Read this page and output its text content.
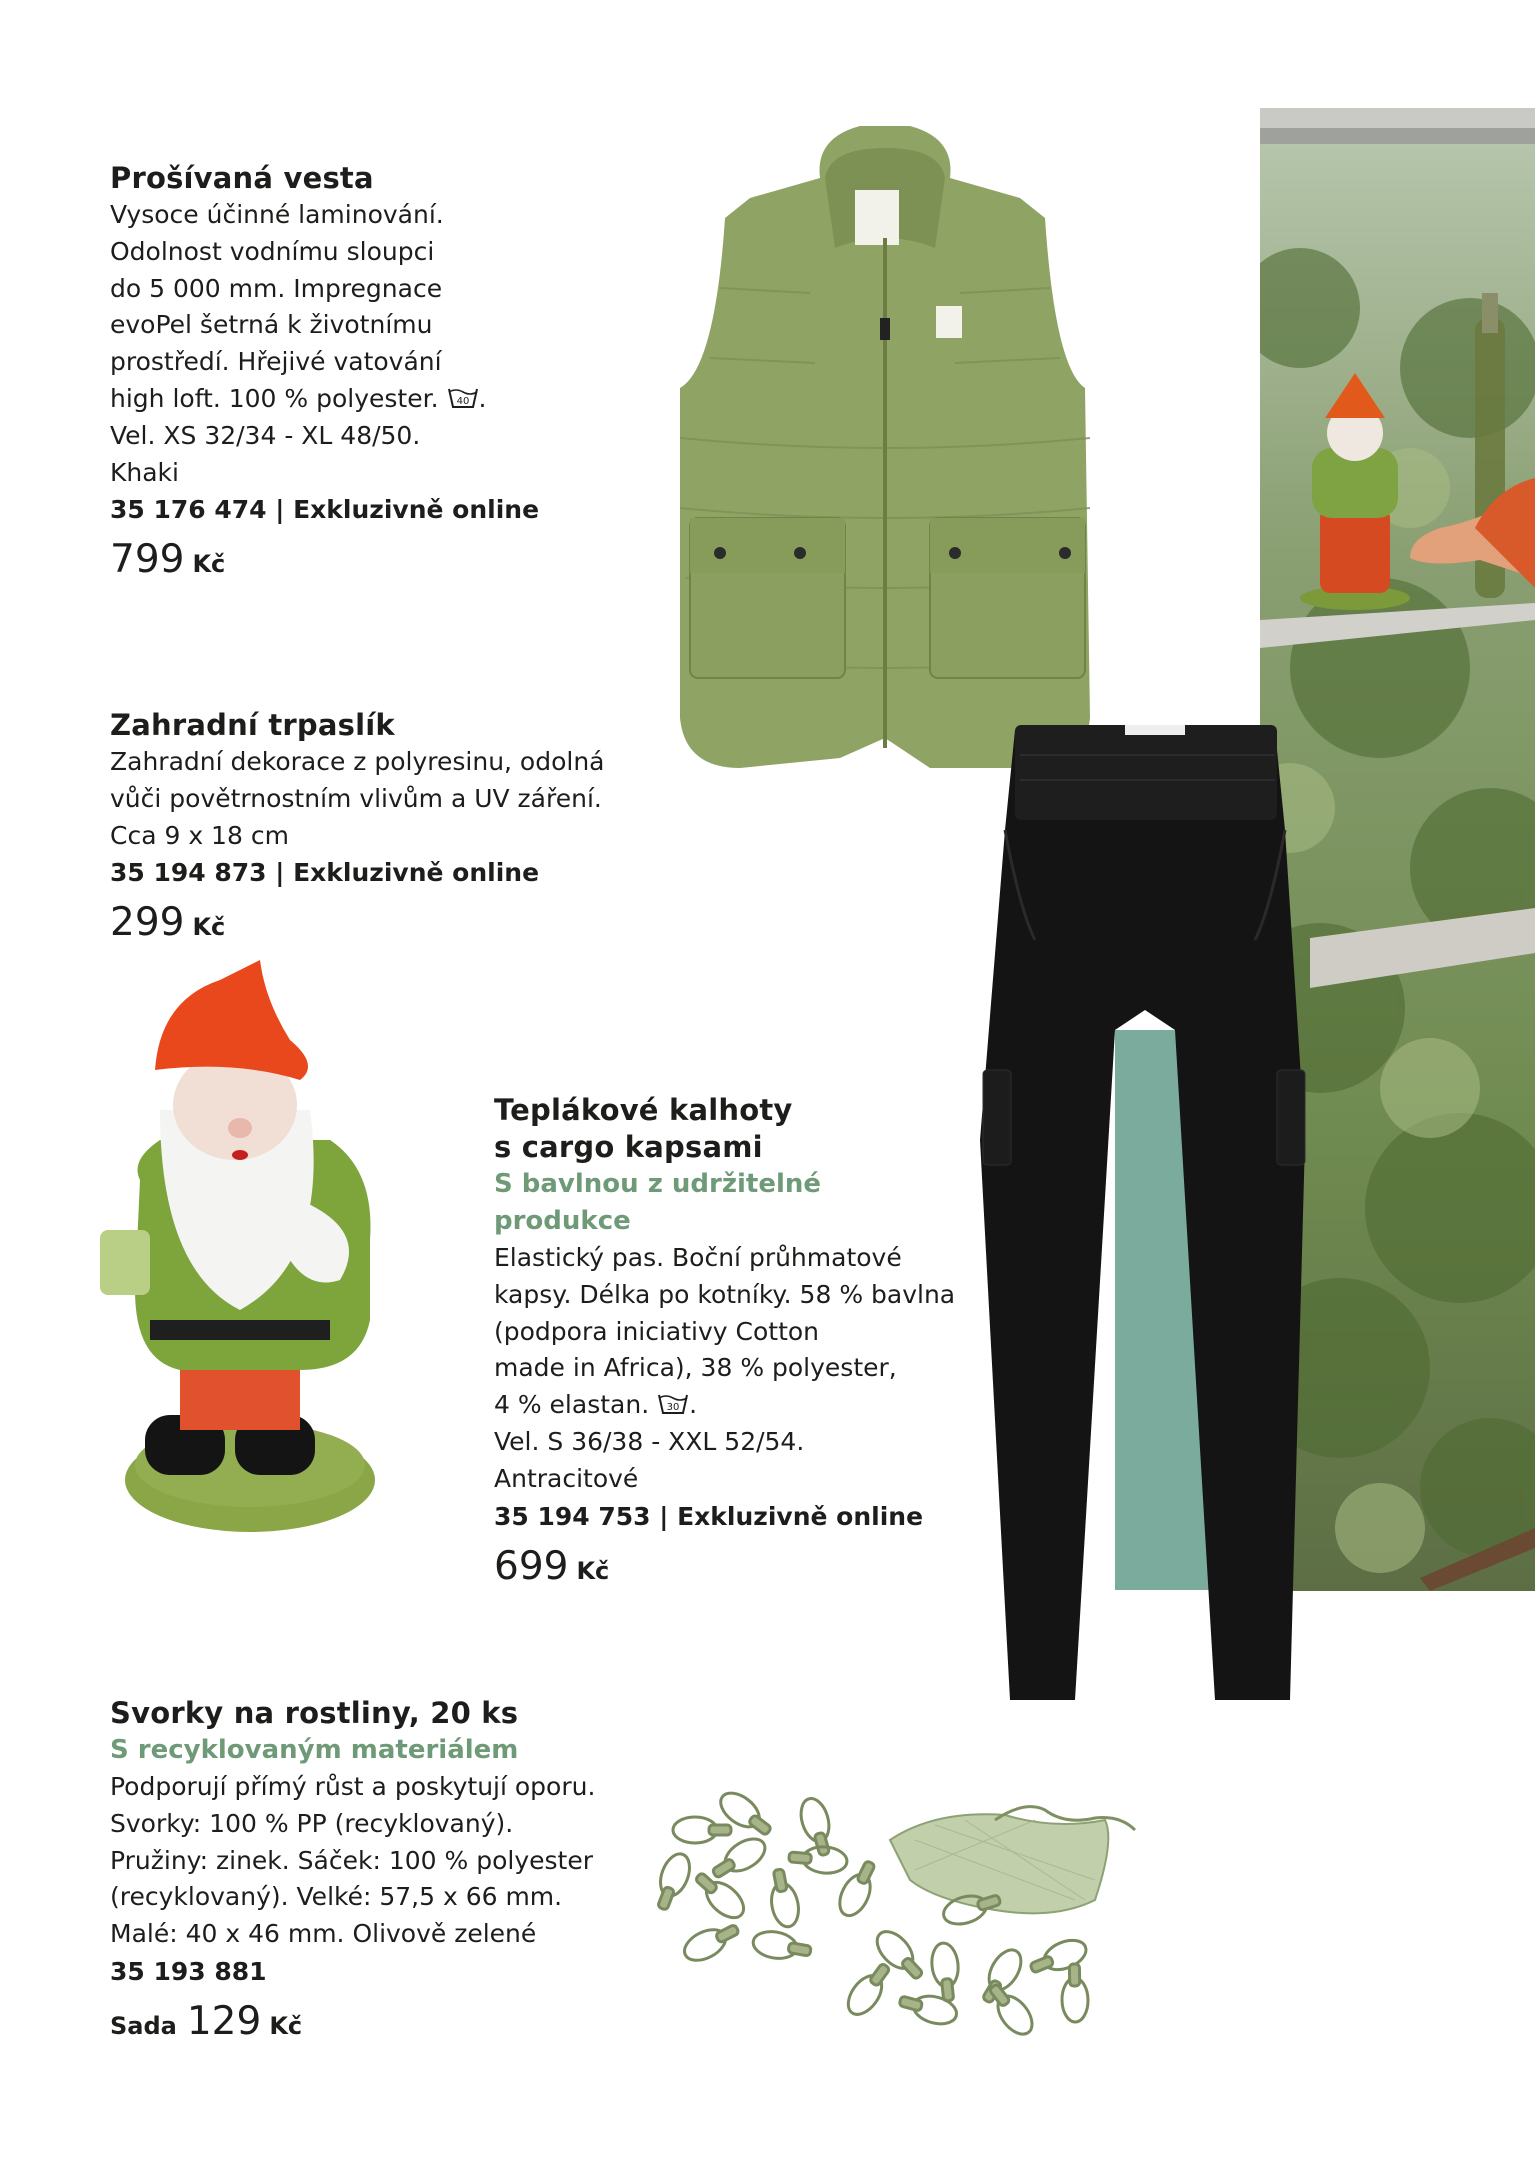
Prošívaná vesta

Vysoce účinné laminování.

Odolnost vodnímu sloupci

do 5 000 mm. Impregnace

evoPel šetrná k životnímu

prostředí. Hřejivé vatování

high loft. 100 % polyester. 40 .

Vel. XS 32/34 - XL 48/50.

Khaki

35 176 474 | Exkluzivně online
799 Kč
Zahradní trpaslík

Zahradní dekorace z polyresinu, odolná

vůči povětrnostním vlivům a UV záření.

Cca 9 x 18 cm

35 194 873 | Exkluzivně online
299 Kč
Teplákové kalhoty
s cargo kapsami
S bavlnou z udržitelné produkce

Elastický pas. Boční průhmatové

kapsy. Délka po kotníky. 58 % bavlna

(podpora iniciativy Cotton

made in Africa), 38 % polyester,

4 % elastan. 30 .

Vel. S 36/38 - XXL 52/54.

Antracitové

35 194 753 | Exkluzivně online
699 Kč
Svorky na rostliny, 20 ks
S recyklovaným materiálem

Podporují přímý růst a poskytují oporu.

Svorky: 100 % PP (recyklovaný).

Pružiny: zinek. Sáček: 100 % polyester

(recyklovaný). Velké: 57,5 x 66 mm.

Malé: 40 x 46 mm. Olivově zelené

35 193 881
Sada 129 Kč
